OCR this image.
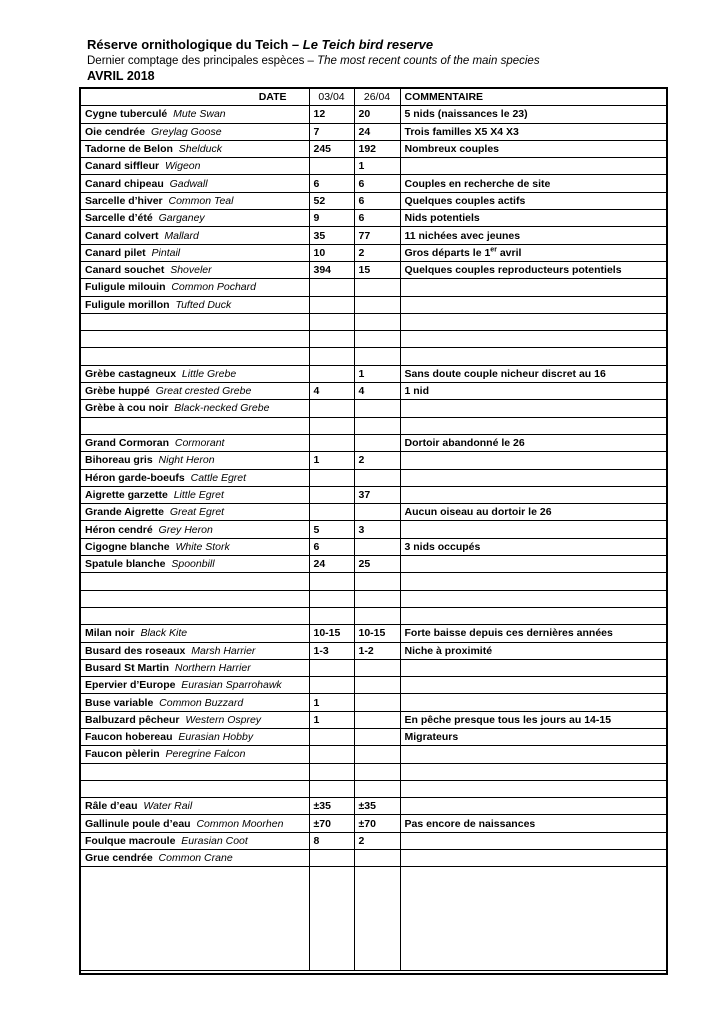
Réserve ornithologique du Teich – Le Teich bird reserve
Dernier comptage des principales espèces – The most recent counts of the main species
AVRIL 2018
DATE	03/04	26/04	COMMENTAIRE
Cygne tuberculé Mute Swan	12	20	5 nids (naissances le 23)
Oie cendrée Greylag Goose	7	24	Trois familles X5 X4 X3
Tadorne de Belon Shelduck	245	192	Nombreux couples
Canard siffleur Wigeon		1	
Canard chipeau Gadwall	6	6	Couples en recherche de site
Sarcelle d’hiver Common Teal	52	6	Quelques couples actifs
Sarcelle d’été Garganey	9	6	Nids potentiels
Canard colvert Mallard	35	77	11 nichées avec jeunes
Canard pilet Pintail	10	2	Gros départs le 1er avril
Canard souchet Shoveler	394	15	Quelques couples reproducteurs potentiels
Fuligule milouin Common Pochard			
Fuligule morillon Tufted Duck			

Grèbe castagneux Little Grebe		1	Sans doute couple nicheur discret au 16
Grèbe huppé Great crested Grebe	4	4	1 nid
Grèbe à cou noir Black-necked Grebe			

Grand Cormoran Cormorant			Dortoir abandonné le 26
Bihoreau gris Night Heron	1	2	
Héron garde-boeufs Cattle Egret			
Aigrette garzette Little Egret		37	
Grande Aigrette Great Egret			Aucun oiseau au dortoir le 26
Héron cendré Grey Heron	5	3	
Cigogne blanche White Stork	6		3 nids occupés
Spatule blanche Spoonbill	24	25	

Milan noir Black Kite	10-15	10-15	Forte baisse depuis ces dernières années
Busard des roseaux Marsh Harrier	1-3	1-2	Niche à proximité
Busard St Martin Northern Harrier			
Epervier d’Europe Eurasian Sparrohawk			
Buse variable Common Buzzard	1		
Balbuzard pêcheur Western Osprey	1		En pêche presque tous les jours au 14-15
Faucon hobereau Eurasian Hobby			Migrateurs
Faucon pèlerin Peregrine Falcon			

Râle d’eau Water Rail	±35	±35	
Gallinule poule d’eau Common Moorhen	±70	±70	Pas encore de naissances
Foulque macroule Eurasian Coot	8	2	
Grue cendrée Common Crane			
